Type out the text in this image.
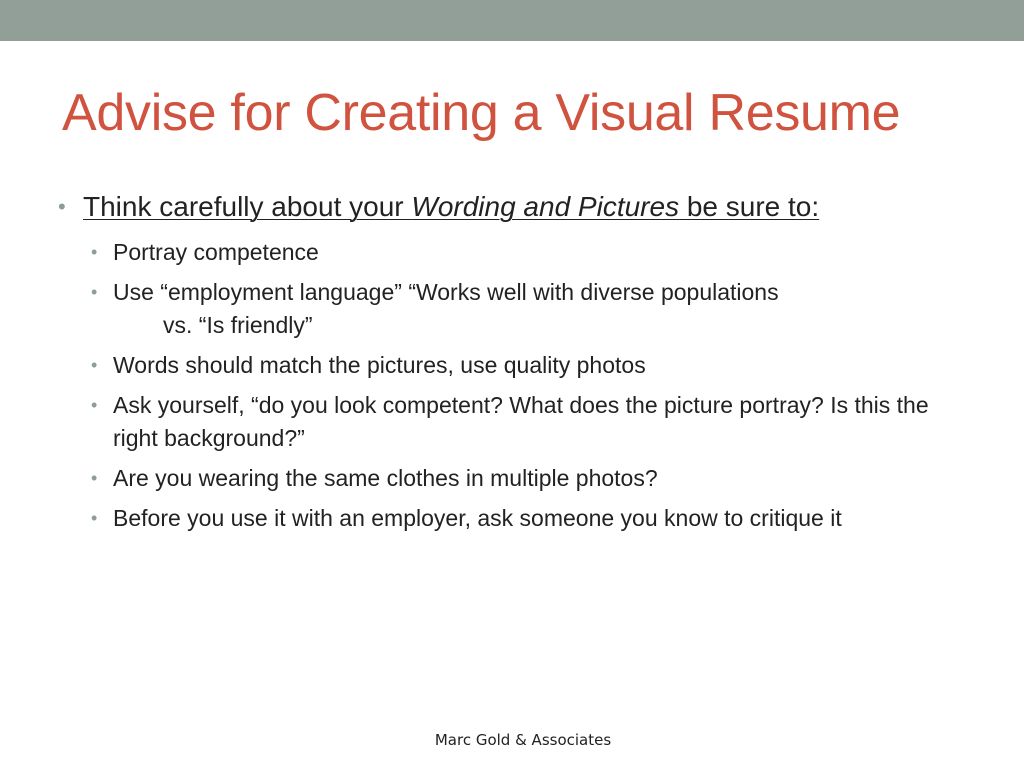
Advise for Creating a Visual Resume
• Think carefully about your Wording and Pictures be sure to:
• Portray competence
• Use “employment language” “Works well with diverse populations
vs. “Is friendly”
• Words should match the pictures, use quality photos
• Ask yourself, “do you look competent? What does the picture portray? Is this the right background?”
• Are you wearing the same clothes in multiple photos?
• Before you use it with an employer, ask someone you know to critique it
Marc Gold & Associates
